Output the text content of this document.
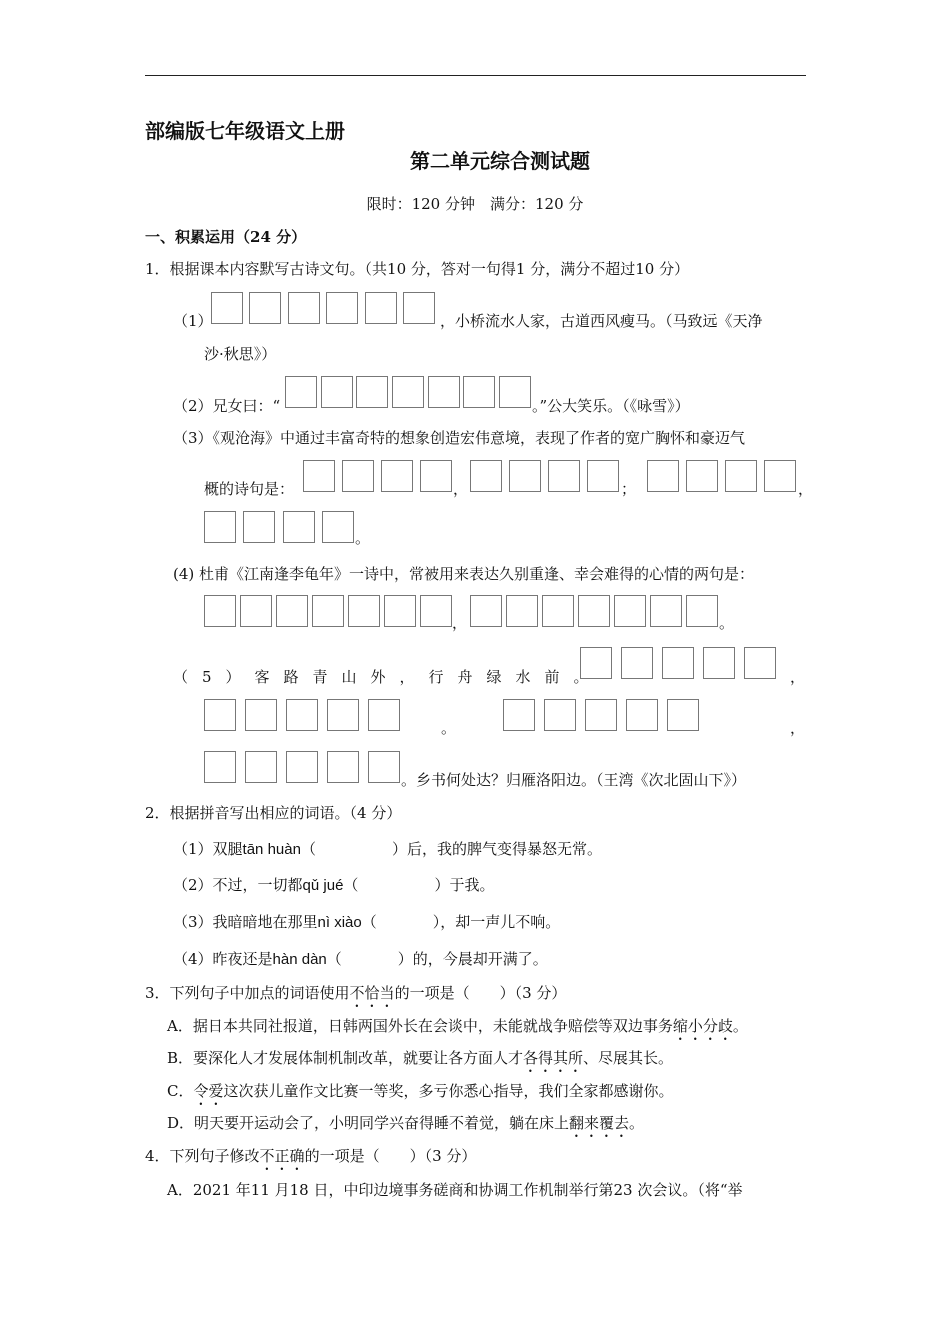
部编版七年级语文上册
第二单元综合测试题
限时：120 分钟　满分：120 分
一、积累运用（24 分）
1．根据课本内容默写古诗文句。（共10 分，答对一句得1 分，满分不超过10 分）
（1）	，小桥流水人家，古道西风瘦马。（马致远《天净
沙·秋思》）
（2）兄女曰：“	。”公大笑乐。（《咏雪》）
（3）《观沧海》中通过丰富奇特的想象创造宏伟意境，表现了作者的宽广胸怀和豪迈气
概的诗句是：	，	；	，
。
(4) 杜甫《江南逢李龟年》一诗中，常被用来表达久别重逢、幸会难得的心情的两句是：
，	。
（5）客路青山外，行舟绿水前。	，
。	，
。乡书何处达？归雁洛阳边。（王湾《次北固山下》）
2．根据拼音写出相应的词语。（4 分）
（1）双腿tān huàn（	）后，我的脾气变得暴怒无常。
（2）不过，一切都qǔ jué（	）于我。
（3）我暗暗地在那里nì xiào（	），却一声儿不响。
（4）昨夜还是hàn dàn（	）的，今晨却开满了。
3．下列句子中加点的词语使用不恰当的一项是（　　）（3 分）
A．据日本共同社报道，日韩两国外长在会谈中，未能就战争赔偿等双边事务缩小分歧。
B．要深化人才发展体制机制改革，就要让各方面人才各得其所、尽展其长。
C．令爱这次获儿童作文比赛一等奖，多亏你悉心指导，我们全家都感谢你。
D．明天要开运动会了，小明同学兴奋得睡不着觉，躺在床上翻来覆去。
4．下列句子修改不正确的一项是（　　）（3 分）
A．2021 年11 月18 日，中印边境事务磋商和协调工作机制举行第23 次会议。（将“举
